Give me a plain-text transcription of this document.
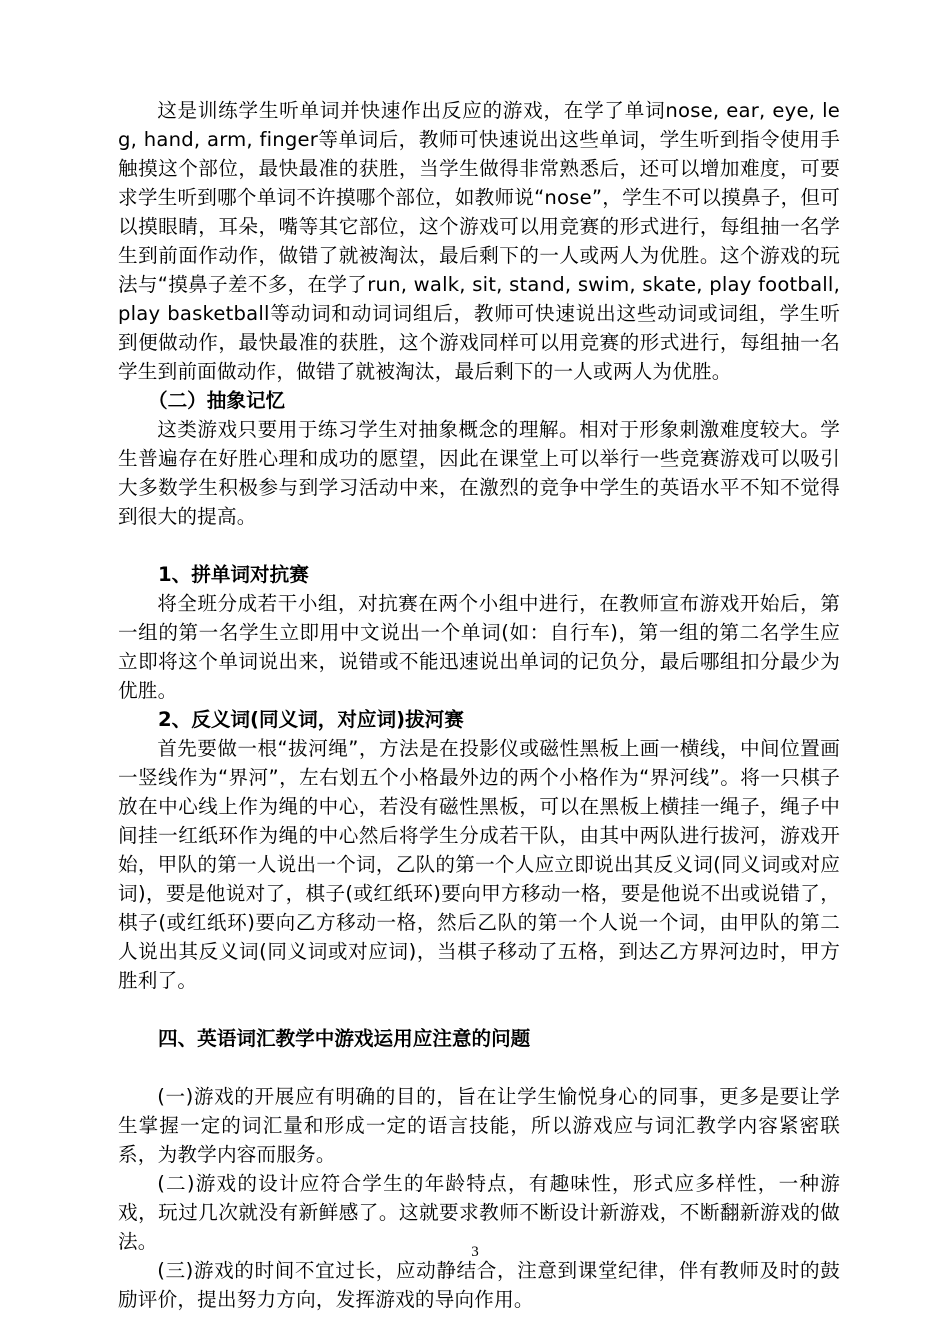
这是训练学生听单词并快速作出反应的游戏，在学了单词nose, ear, eye, leg, hand, arm, finger等单词后，教师可快速说出这些单词，学生听到指令使用手触摸这个部位，最快最准的获胜，当学生做得非常熟悉后，还可以增加难度，可要求学生听到哪个单词不许摸哪个部位，如教师说“nose”，学生不可以摸鼻子，但可以摸眼睛，耳朵，嘴等其它部位，这个游戏可以用竞赛的形式进行，每组抽一名学生到前面作动作，做错了就被淘汰，最后剩下的一人或两人为优胜。这个游戏的玩法与“摸鼻子差不多，在学了run, walk, sit, stand, swim, skate, play football, play basketball等动词和动词词组后，教师可快速说出这些动词或词组，学生听到便做动作，最快最准的获胜，这个游戏同样可以用竞赛的形式进行，每组抽一名学生到前面做动作，做错了就被淘汰，最后剩下的一人或两人为优胜。

（二）抽象记忆

这类游戏只要用于练习学生对抽象概念的理解。相对于形象刺激难度较大。学生普遍存在好胜心理和成功的愿望，因此在课堂上可以举行一些竞赛游戏可以吸引大多数学生积极参与到学习活动中来，在激烈的竞争中学生的英语水平不知不觉得到很大的提高。

1、拼单词对抗赛

将全班分成若干小组，对抗赛在两个小组中进行，在教师宣布游戏开始后，第一组的第一名学生立即用中文说出一个单词(如：自行车)，第一组的第二名学生应立即将这个单词说出来，说错或不能迅速说出单词的记负分，最后哪组扣分最少为优胜。

2、反义词(同义词，对应词)拔河赛

首先要做一根“拔河绳”，方法是在投影仪或磁性黑板上画一横线，中间位置画一竖线作为“界河”，左右划五个小格最外边的两个小格作为“界河线”。将一只棋子放在中心线上作为绳的中心，若没有磁性黑板，可以在黑板上横挂一绳子，绳子中间挂一红纸环作为绳的中心然后将学生分成若干队，由其中两队进行拔河，游戏开始，甲队的第一人说出一个词，乙队的第一个人应立即说出其反义词(同义词或对应词)，要是他说对了，棋子(或红纸环)要向甲方移动一格，要是他说不出或说错了，棋子(或红纸环)要向乙方移动一格，然后乙队的第一个人说一个词，由甲队的第二人说出其反义词(同义词或对应词)，当棋子移动了五格，到达乙方界河边时，甲方胜利了。

四、英语词汇教学中游戏运用应注意的问题

(一)游戏的开展应有明确的目的，旨在让学生愉悦身心的同事，更多是要让学生掌握一定的词汇量和形成一定的语言技能，所以游戏应与词汇教学内容紧密联系，为教学内容而服务。

(二)游戏的设计应符合学生的年龄特点，有趣味性，形式应多样性，一种游戏，玩过几次就没有新鲜感了。这就要求教师不断设计新游戏，不断翻新游戏的做法。

(三)游戏的时间不宜过长，应动静结合，注意到课堂纪律，伴有教师及时的鼓励评价，提出努力方向，发挥游戏的导向作用。

3
